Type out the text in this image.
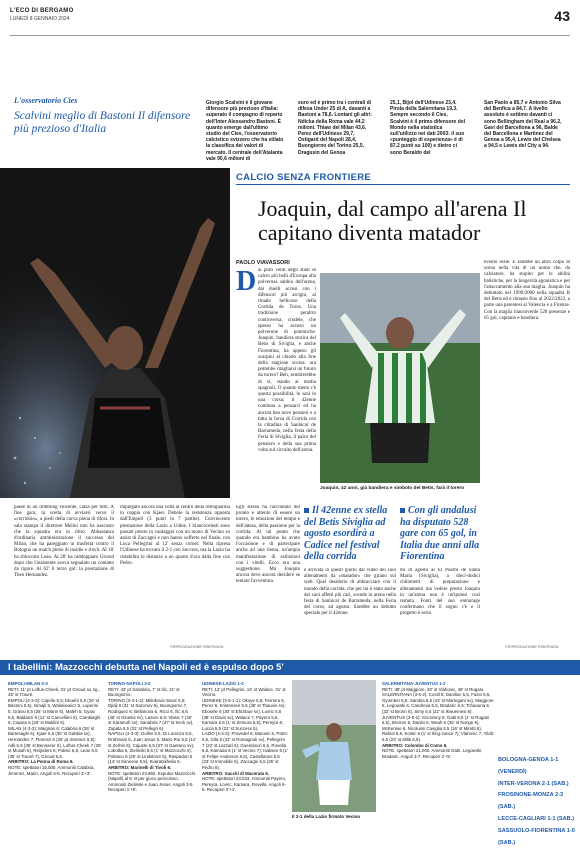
L'ECO DI BERGAMO
LUNEDÌ 8 GENNAIO 2024	43
L'osservatorio Cies
Scalvini meglio di Bastoni Il difensore più prezioso d'Italia

Giorgio Scalvini è il giovane difensore più prezioso d'Italia: superato il compagno di reparto dell'Inter Alessandro Bastoni. È quanto emerge dall'ultimo studio del Cies, l'osservatorio calcistico svizzero che ha stilato la classifica dei valori di mercato. Il centrale dell'Atalanta vale 90,6 milioni di

euro ed è primo tra i centrali di difesa Under 25 di A, davanti a Bastoni a 78,6. Lontani gli altri: Ndicka della Roma vale 44,2 milioni. Thiaw del Milan 43,6. Perez dell'Udinese 29,7, Ostigard del Napoli 28,4, Buongiorno del Torino 25,5, Dragusin del Genoa

25,1, Bijol dell'Udinese 23,4. Pirola della Salernitana 19,3. Sempre secondo il Cies, Scalvini è il primo difensore del Mondo nella statistica sull'utilizzo nei dati 2003: il suo «punteggio di esperienza» è di 87,2 punti su 100) e dietro ci sono Beraldo del

San Paolo a 85,7 e Antonio Silva del Benfica a 84,7. A livello assoluto è settimo davanti ci sono Bellingham del Real a 96,2, Gavi del Barcellona a 96, Balde del Barcellona e Martinez del Genoa a 95,4, Lewis del Chelsea a 94,5 e Lewis del City a 94.

CALCIO SENZA FRONTIERE
Joaquin, dal campo all'arena Il capitano diventa matador
PAOLO VIAVASSORI
D ai prati verdi degli stadi di calcio più belli d'Europa alla polverosa sabbia dell'arena, dai duelli accesi con i difensori più arcigni, al rituale bellicoso della Corrida de Toros. Una tradizione peraltro controversa, crudele, che spesso ha acceso un polverone di polemiche. Joaquin, bandiera storica del Betis di Siviglia, e anche Fiorentina, ha appeso gli scarpini al chiodo alla fine della stagione scorsa: ora potrebbe ritagliarsi un futuro da torero? Beh, sembrerebbe di sì, stando ai media spagnoli. O quanto meno c'è questa possibilità, lo sarà in una corsa; il 42enne continua a pensarci ed ha ancora ben nove pensieri e a tutta la forza di Corrida con la cittadina di Sanlúcar de Barrameda, nella festa della Feria di Siviglia, il palco del pensiero e della sua prima volta sul circuito dell'arena.
Joaquin, 42 anni, già bandiera e simbolo del Betis, farà il torero
evento reale. E sarebbe un altro colpo di scena nella vita di un uomo che, da calciatore, ha stupito per le abilità balistiche, per la longevità agonistica e per l'attaccamento alla sua maglia. Joaquin ha debuttato nel 1999/2000 nella squadra B del Betis ed è rimasto fino al 2022/2023, a parte una parentesi al Valencia e a Firenze. Con la maglia biancoverde 528 presenze e 65 gol, capitano e bandiera.
paese di un dribbling vincente, calza per tutti. A fine gara, la scelta di avviarsi verso il «corridoio», a piedi della curva piena di tifosi. In sala stampa il direttore Melini non ha nascosto che la squadra era in ritiro. Abbastanza d'ordinaria amministrazione il successo del Milan, che ha pareggiato in trasferta contro il Bologna un match pieno di insidie e rinvii. Al 18' ha sbloccato Leao. Al 28' ha raddoppiato Giroud dopo che l'assistente aveva segnalato un contatto da rigore. Al 62' il terzo gol: la prestazione di Theo Hernandez.
impiegato ancora una volta al centro della retroguardia in coppia con Kjaer. Debole la resistenza opposta dall'Empoli (3 punti in 7 partite). Convincente prestazione della Lazio a Udine. I biancocelesti sono passati presto in vantaggio con un tuono di Vecino su assist di Zaccagni e non hanno sofferto nel finale, con Luca Pellegrini al 12' senza corner. Nella ripresa l'Udinese ha trovato il 2-1 con Success, ma la Lazio ha ristabilito le distanze a un quarto d'ora dalla fine con Pedro.
©RIPRODUZIONE RISERVATA
Egli stesso ha raccontato del pronto e attento di essere un torero, le emozioni del tempo e dell'attesa, della passione per la corrida. Al tal punto che quando era bambino ha avuto l'occasione e di partecipare anche ad una tienta, un'ampia manifestazione di esibizioni con i vitelli. Ecco ora una suggestione. Ma Joaquin ancora deve ancora decidere se tentare l'avventura.
Il 42enne ex stella del Betis Siviglia ad agosto esordirà a Cadice nel festival della corrida
è arrivata in questi giorni dal video dei suoi allenamenti da «matador» che girano sul web. Quel desiderio di abbracciare con il mondo della corrida, che per lui è stato anche dei suoi affetti più cari, scende in arena nella festa di Sanlúcar de Barrameda, nella Feria del corso, ad agosto. Sarebbe un debutto speciale per il 42enne.
Con gli andalusi ha disputato 528 gare con 65 gol, in Italia due anni alla Fiorentina
mi di agosto al El Puerto de Santa María (Siviglia), a dieci-dodici chilometri di preparazione e allenamenti ma vedere presto Joaquin in un'arena non è un'ipotesi così remota. Fonti del suo entourage confermano che il sogno c'è e il progetto è serio.
©RIPRODUZIONE RISERVATA
I tabellini: Mazzocchi debutta nel Napoli ed è espulso dopo 5'
EMPOLI-MILAN 0-3
RETI: 11' pt Loftus-Cheek, 31' pt Giroud su rig., 45' st Traoré.
EMPOLI (4-3-3): Caprile 5,5; Ebuehi 5,5 (26' st Bastoni 5,5), Ismajli 5, Walukiewicz 5, Luperini 5; Grassi 5,5 (25' st Marin 6), Maleh 5; Gyasi 5,5, Baldanzi 6 (12' st Cancellieri 6), Cambiaghi 6; Caputo 5 (29' st Maldini 5).
MILAN (4-3-3): Maignan 6; Calabria 6 (26' st Bartesaghi 6), Kjaer 6,5 (35' st Gabbia sv), Hernandez 7, Florenzi 6 (35' pt Jimenez 6,5); Adli 6,5 (35' st Bennacer 6), Loftus-Cheek 7 (25' st Musah 6), Reijnders 6; Pulisic 6,5, Leao 6,5 (35' st Traoré 7), Giroud 6,5.
ARBITRO: La Penna di Roma 6.
NOTE: spettatori 15.000. Ammoniti Calabria, Jimenez, Marin. Angoli 6-6. Recuperi 3'+3'.
TORINO-NAPOLI 3-0
RETI: 43' pt Sanabria, 7' st Ilic, 21' st Buongiorno.
TORINO (3-4-1-2): Milinkovic-Savic 6,5; Djidji 6 (31' st Sazonov 6), Buongiorno 7, Rodriguez 6; Bellanova 6, Ricci 6, Ilic 6,5 (45' st Gineitis sv), Lazaro 6,5; Vlasic 7 (45' st Karamoh sv); Sanabria 7 (47' st Seck sv), Zapata 6,5 (31' st Pellegri 6).
NAPOLI (4-3-3): Gollini 5,5; Di Lorenzo 5,5, Rrahmani 5, Juan Jesus 5, Mario Rui 5,5 (14' st Zerbin 6); Cajuste 5,5 (37' st Gaetano sv), Lobotka 6, Zielinski 5,5 (1' st Mazzocchi 4); Politano 6 (25' st Lindstrom 5), Raspadori 5 (14' st Simeone 5,5), Kvaratskhelia 5.
ARBITRO: Marinelli di Tivoli 6.
NOTE: spettatori 23.960. Espulso Mazzocchi (Napoli) al 5' st per gioco pericoloso. Ammoniti Zielinski e Juan Jesus. Angoli 3-5. Recuperi 1'+5'.
UDINESE-LAZIO 1-2
RETI: 12' pt Pellegrini, 16' st Walace, 31' st Vecino.
UDINESE (3-5-1-1): Okoye 5,5; Ferreira 6, Perez 6, Kristensen 5,5 (38' st Thauvin sv); Ebosele 6 (30' st Ehizibue sv), Lovric 6,5 (38' st Davis sv), Walace 7, Payero 5,5, Kamara 5,5 (1' st Zemura 5,5); Pereyra 6; Lucca 5,5 (22' st Success 5).
LAZIO (4-3-3): Provedel 6; Marusic 6, Patric 6,5, Gila 6 (43' st Romagnoli sv), Pellegrini 7 (22' st Lazzari 6); Guendouzi 6,5, Rovella 6,5, Kamada 6 (1' st Vecino 7); Isaksen 6 (1' st Felipe Anderson 6,5), Castellanos 5,5 (23' st Immobile 6), Zaccagni 6,5 (25' st Pedro 6).
ARBITRO: Sacchi di Macerata 6.
NOTE: spettatori 23.033. Ammoniti Payero, Pereyra, Lovric, Kamara, Rovella. Angoli 6-5. Recuperi 3'+4'.
Il 2-1 della Lazio firmato Vecino
SALERNITANA-JUVENTUS 1-2
RETI: 38' pt Maggiore, 20' st Vlahovic, 49' st Rugani.
SALERNITANA (3-5-2): Costil 6; Daniliuc 5,5, Fazio 6,5, Gyomber 5,5; Sambia 6,5 (43' st Martegani sv), Maggiore 6, Legowski 6, Candreva 6,5, Bradaric 6,5; Tchaouna 6 (32' st Bronn 6), Simy 5,5 (22' st Ikwuemesi 6).
JUVENTUS (3-5-2): Szczesny 6; Gatti 5,5 (1' st Rugani 6,5), Bremer 6, Danilo 6; Weah 6 (35' st Nonge 6), McKennie 6, Nicolussi Caviglia 5,5 (16' st Miretti 6), Rabiot 6,5, Kostic 5 (1' st Iling-Junior 7); Vlahovic 7, Yildiz 6,5 (23' st Milik 6,5).
ARBITRO: Colombo di Como 6.
NOTE: spettatori 21.000. Ammoniti Gatti, Legowski, Bradaric. Angoli 3-7. Recuperi 2'+5'.
BOLOGNA-GENOA 1-1 (VENERDÌ)
INTER-VERONA 2-1 (SAB.)
FROSINONE-MONZA 2-3 (SAB.)
LECCE-CAGLIARI 1-1 (SAB.)
SASSUOLO-FIORENTINA 1-0 (SAB.)
